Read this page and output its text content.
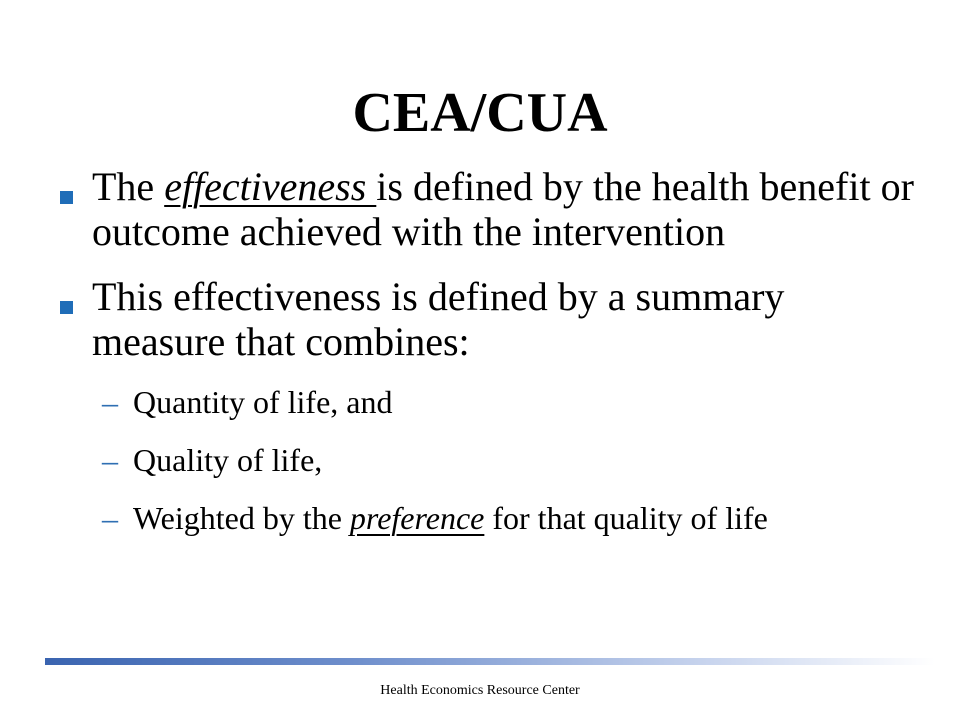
CEA/CUA
The effectiveness is defined by the health benefit or outcome achieved with the intervention
This effectiveness is defined by a summary measure that combines:
– Quantity of life, and
– Quality of life,
– Weighted by the preference for that quality of life
Health Economics Resource Center
